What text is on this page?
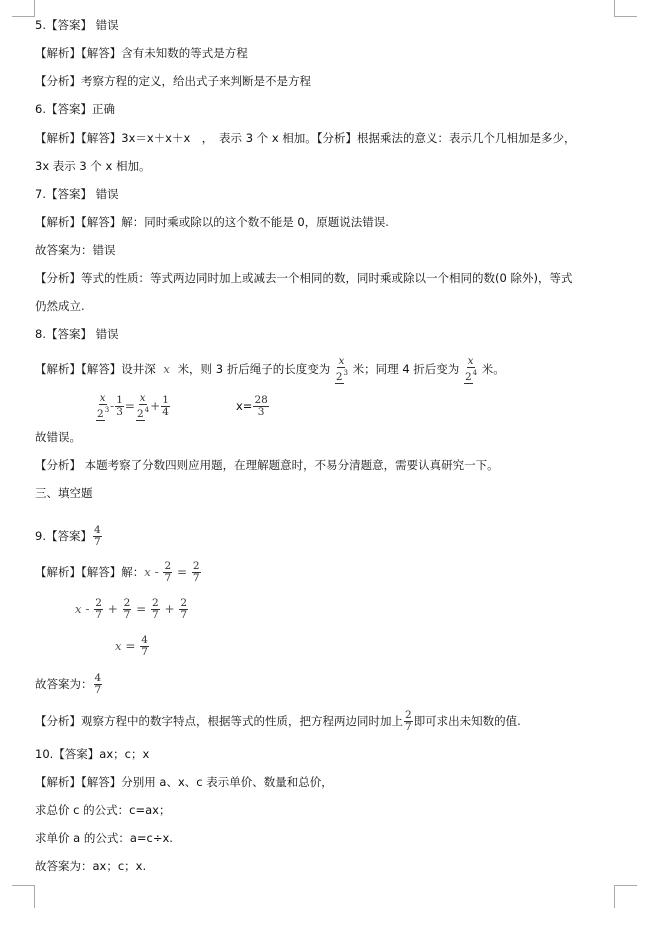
5.【答案】 错误
【解析】【解答】含有未知数的等式是方程
【分析】考察方程的定义，给出式子来判断是不是方程
6.【答案】正确
【解析】【解答】3x＝x＋x＋x　，　表示 3 个 x 相加。【分析】根据乘法的意义：表示几个几相加是多少，
3x 表示 3 个 x 相加。
7.【答案】 错误
【解析】【解答】解：同时乘或除以的这个数不能是 0，原题说法错误.
故答案为：错误
【分析】等式的性质：等式两边同时加上或减去一个相同的数，同时乘或除以一个相同的数(0 除外)，等式
仍然成立.
8.【答案】 错误
【解析】【解答】设井深 x 米，则 3 折后绳子的长度变为 $\frac{x}{2^3}$ 米；同理 4 折后变为 $\frac{x}{2^4}$ 米。
$\frac{x}{2^3} - \frac{1}{3} = \frac{x}{2^4} + \frac{1}{4}$	$x= \frac{28}{3}$
故错误。
【分析】 本题考察了分数四则应用题，在理解题意时，不易分清题意，需要认真研究一下。
三、填空题
9.【答案】 $\frac{4}{7}$
【解析】【解答】解：$x - \frac{2}{7} = \frac{2}{7}$
$x - \frac{2}{7} + \frac{2}{7} = \frac{2}{7} + \frac{2}{7}$
$x = \frac{4}{7}$
故答案为： $\frac{4}{7}$
【分析】观察方程中的数字特点，根据等式的性质，把方程两边同时加上 $\frac{2}{7}$ 即可求出未知数的值.
10.【答案】ax；c；x
【解析】【解答】分别用 a、x、c 表示单价、数量和总价，
求总价 c 的公式：c=ax；
求单价 a 的公式：a=c÷x.
故答案为：ax；c；x.
